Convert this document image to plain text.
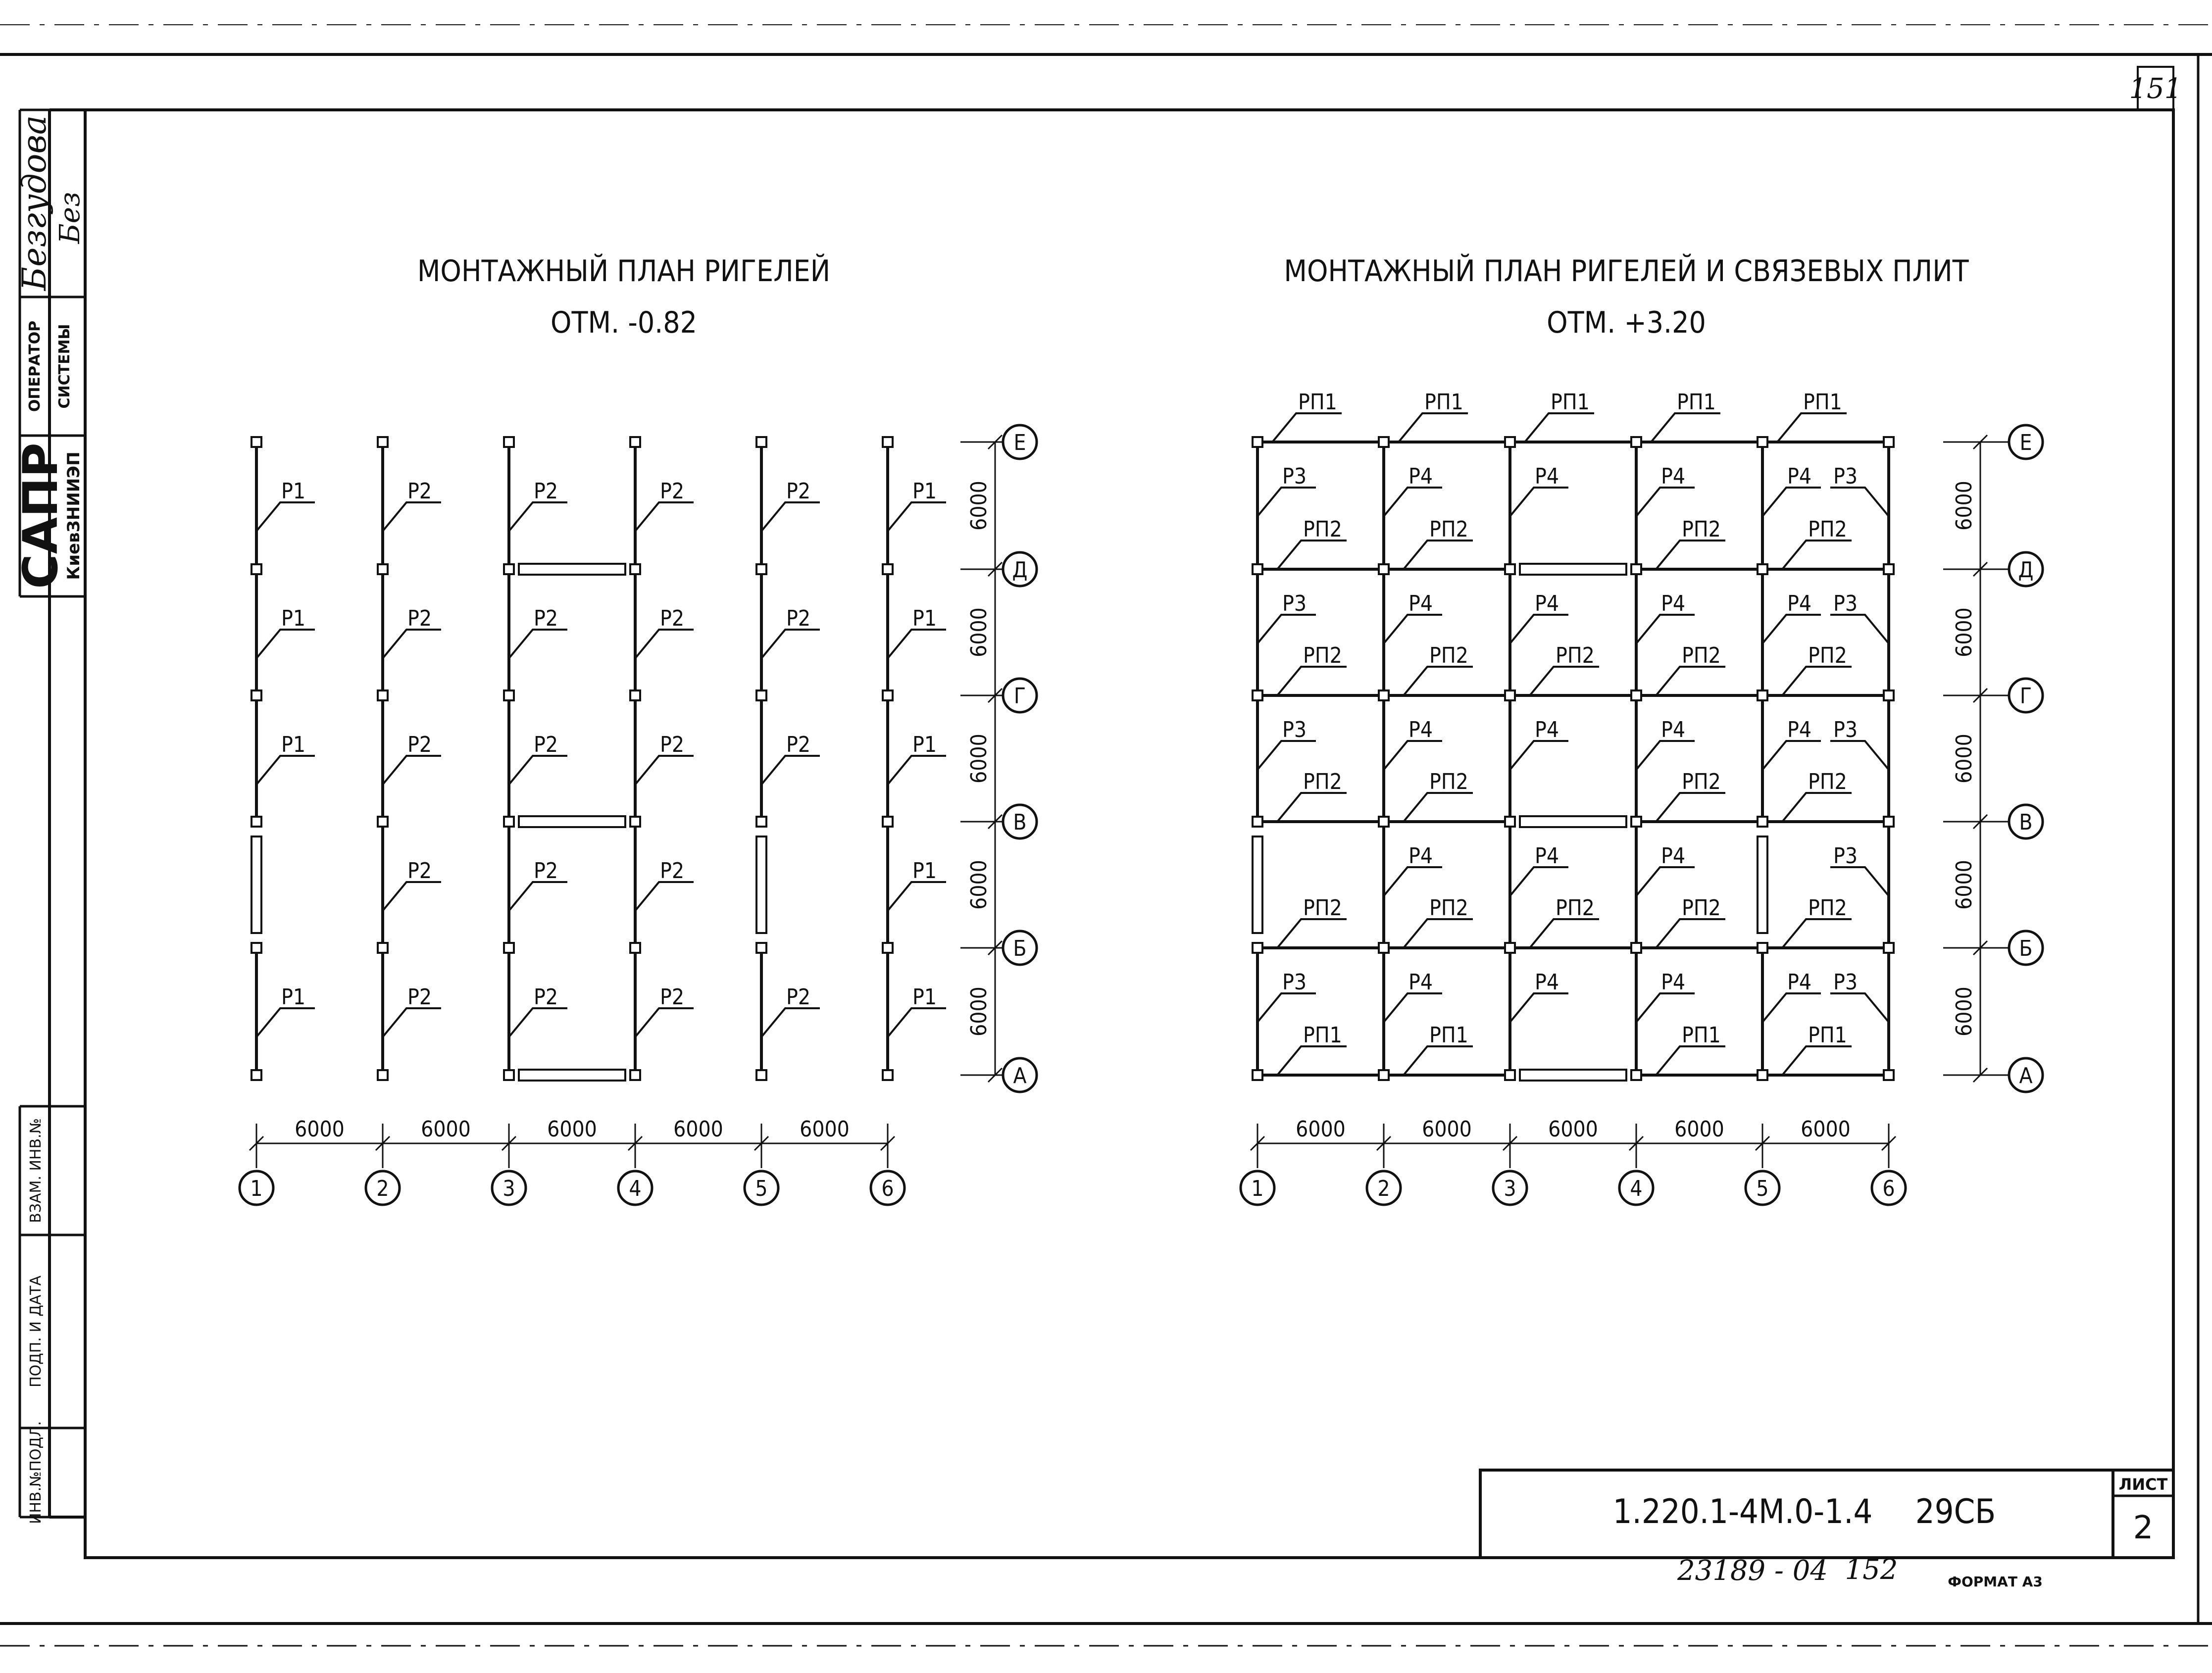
151
1.220.1-4М.0-1.4 29СБ
ЛИСТ
2
23189 - 04 152	ФОРМАТ А3
Безгудова Без
ОПЕРАТОР СИСТЕМЫ
САПР
КиевЗНИИЭП
ВЗАМ. ИНВ.№
ПОДП. И ДАТА
ИНВ.№ПОДЛ.
МОНТАЖНЫЙ ПЛАН РИГЕЛЕЙ
ОТМ. -0.82
МОНТАЖНЫЙ ПЛАН РИГЕЛЕЙ И СВЯЗЕВЫХ ПЛИТ
ОТМ. +3.20
Р1
Р1
Р1
Р1
Р2
Р2
Р2
Р2
Р2
Р2
Р2
Р2
Р2
Р2
Р2
Р2
Р2
Р2
Р2
Р2
Р2
Р2
Р2
Р1
Р1
Р1
Р1
Р1
1	2	3	4	5	6
6000	6000	6000	6000	6000
Е
Д
Г
В
Б
А
6000
6000
6000
6000
6000
РП1	РП1	РП1	РП1	РП1
РП2	РП2	РП2	РП2
РП2	РП2	РП2	РП2	РП2
РП2	РП2	РП2	РП2
РП2	РП2	РП2	РП2	РП2
РП1	РП1	РП1	РП1
Р3
Р3
Р3
Р3
Р4
Р4
Р4
Р4
Р4
Р4
Р4
Р4
Р4
Р4
Р4
Р4
Р4
Р4
Р4
Р4
Р4
Р4
Р4
Р3
Р3
Р3
Р3
Р3
1	2	3	4	5	6
6000	6000	6000	6000	6000
Е
Д
Г
В
Б
А
6000
6000
6000
6000
6000
